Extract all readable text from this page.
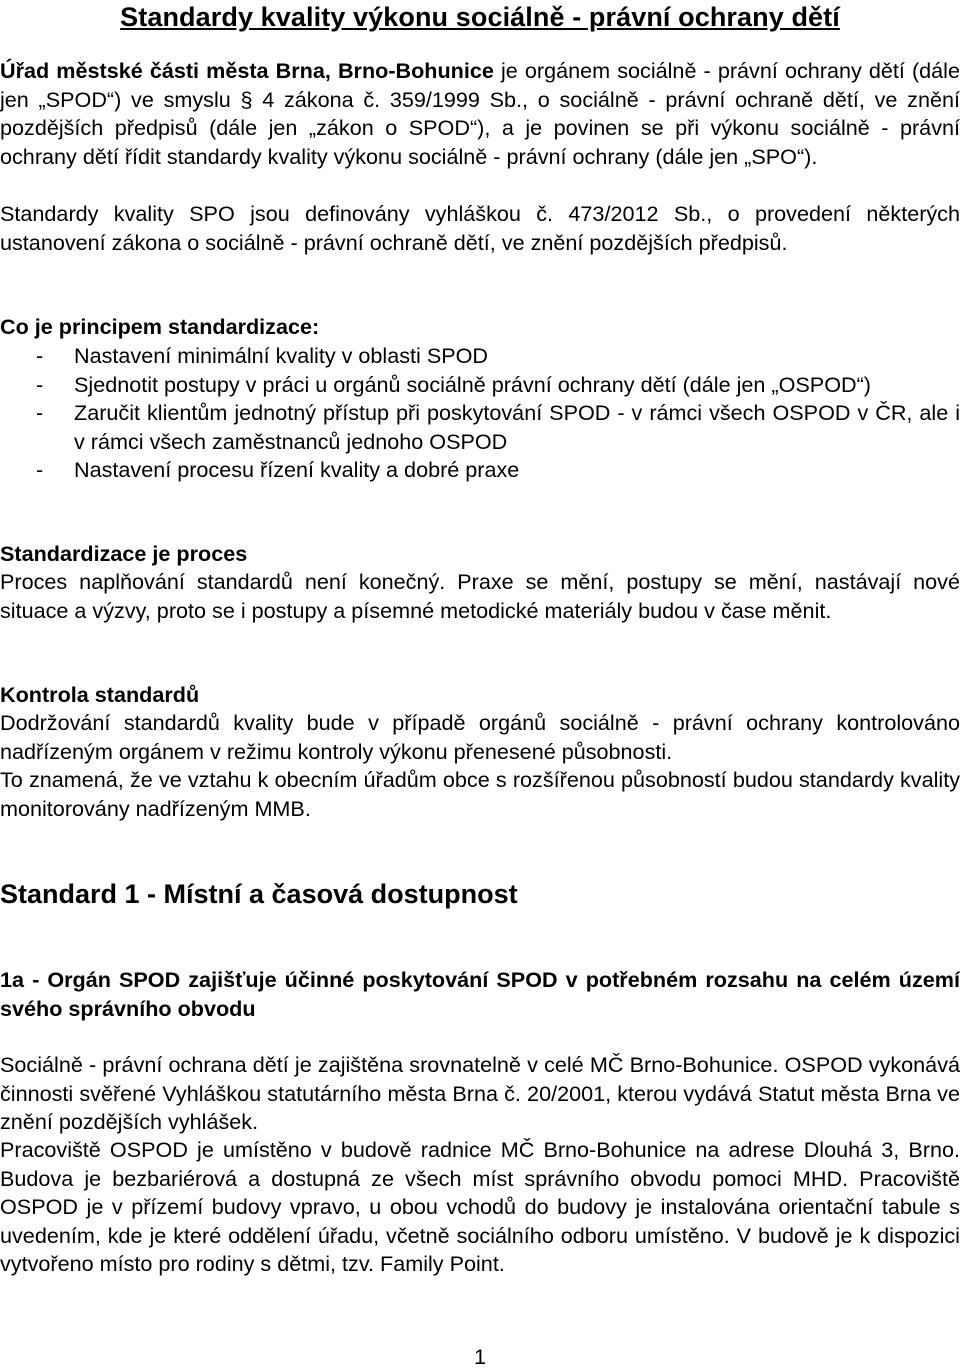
Standardy kvality výkonu sociálně - právní ochrany dětí
Úřad městské části města Brna, Brno-Bohunice je orgánem sociálně - právní ochrany dětí (dále jen „SPOD“) ve smyslu § 4 zákona č. 359/1999 Sb., o sociálně - právní ochraně dětí, ve znění pozdějších předpisů (dále jen „zákon o SPOD“), a je povinen se při výkonu sociálně - právní ochrany dětí řídit standardy kvality výkonu sociálně - právní ochrany (dále jen „SPO“).
Standardy kvality SPO jsou definovány vyhláškou č. 473/2012 Sb., o provedení některých ustanovení zákona o sociálně - právní ochraně dětí, ve znění pozdějších předpisů.
Co je principem standardizace:
- Nastavení minimální kvality v oblasti SPOD
- Sjednotit postupy v práci u orgánů sociálně právní ochrany dětí (dále jen „OSPOD“)
- Zaručit klientům jednotný přístup při poskytování SPOD - v rámci všech OSPOD v ČR, ale i v rámci všech zaměstnanců jednoho OSPOD
- Nastavení procesu řízení kvality a dobré praxe
Standardizace je proces
Proces naplňování standardů není konečný. Praxe se mění, postupy se mění, nastávají nové situace a výzvy, proto se i postupy a písemné metodické materiály budou v čase měnit.
Kontrola standardů
Dodržování standardů kvality bude v případě orgánů sociálně - právní ochrany kontrolováno nadřízeným orgánem v režimu kontroly výkonu přenesené působnosti.
To znamená, že ve vztahu k obecním úřadům obce s rozšířenou působností budou standardy kvality monitorovány nadřízeným MMB.
Standard 1 - Místní a časová dostupnost
1a - Orgán SPOD zajišťuje účinné poskytování SPOD v potřebném rozsahu na celém území svého správního obvodu
Sociálně - právní ochrana dětí je zajištěna srovnatelně v celé MČ Brno-Bohunice. OSPOD vykonává činnosti svěřené Vyhláškou statutárního města Brna č. 20/2001, kterou vydává Statut města Brna ve znění pozdějších vyhlášek.
Pracoviště OSPOD je umístěno v budově radnice MČ Brno-Bohunice na adrese Dlouhá 3, Brno. Budova je bezbariérová a dostupná ze všech míst správního obvodu pomoci MHD. Pracoviště OSPOD je v přízemí budovy vpravo, u obou vchodů do budovy je instalována orientační tabule s uvedením, kde je které oddělení úřadu, včetně sociálního odboru umístěno. V budově je k dispozici vytvořeno místo pro rodiny s dětmi, tzv. Family Point.
1
